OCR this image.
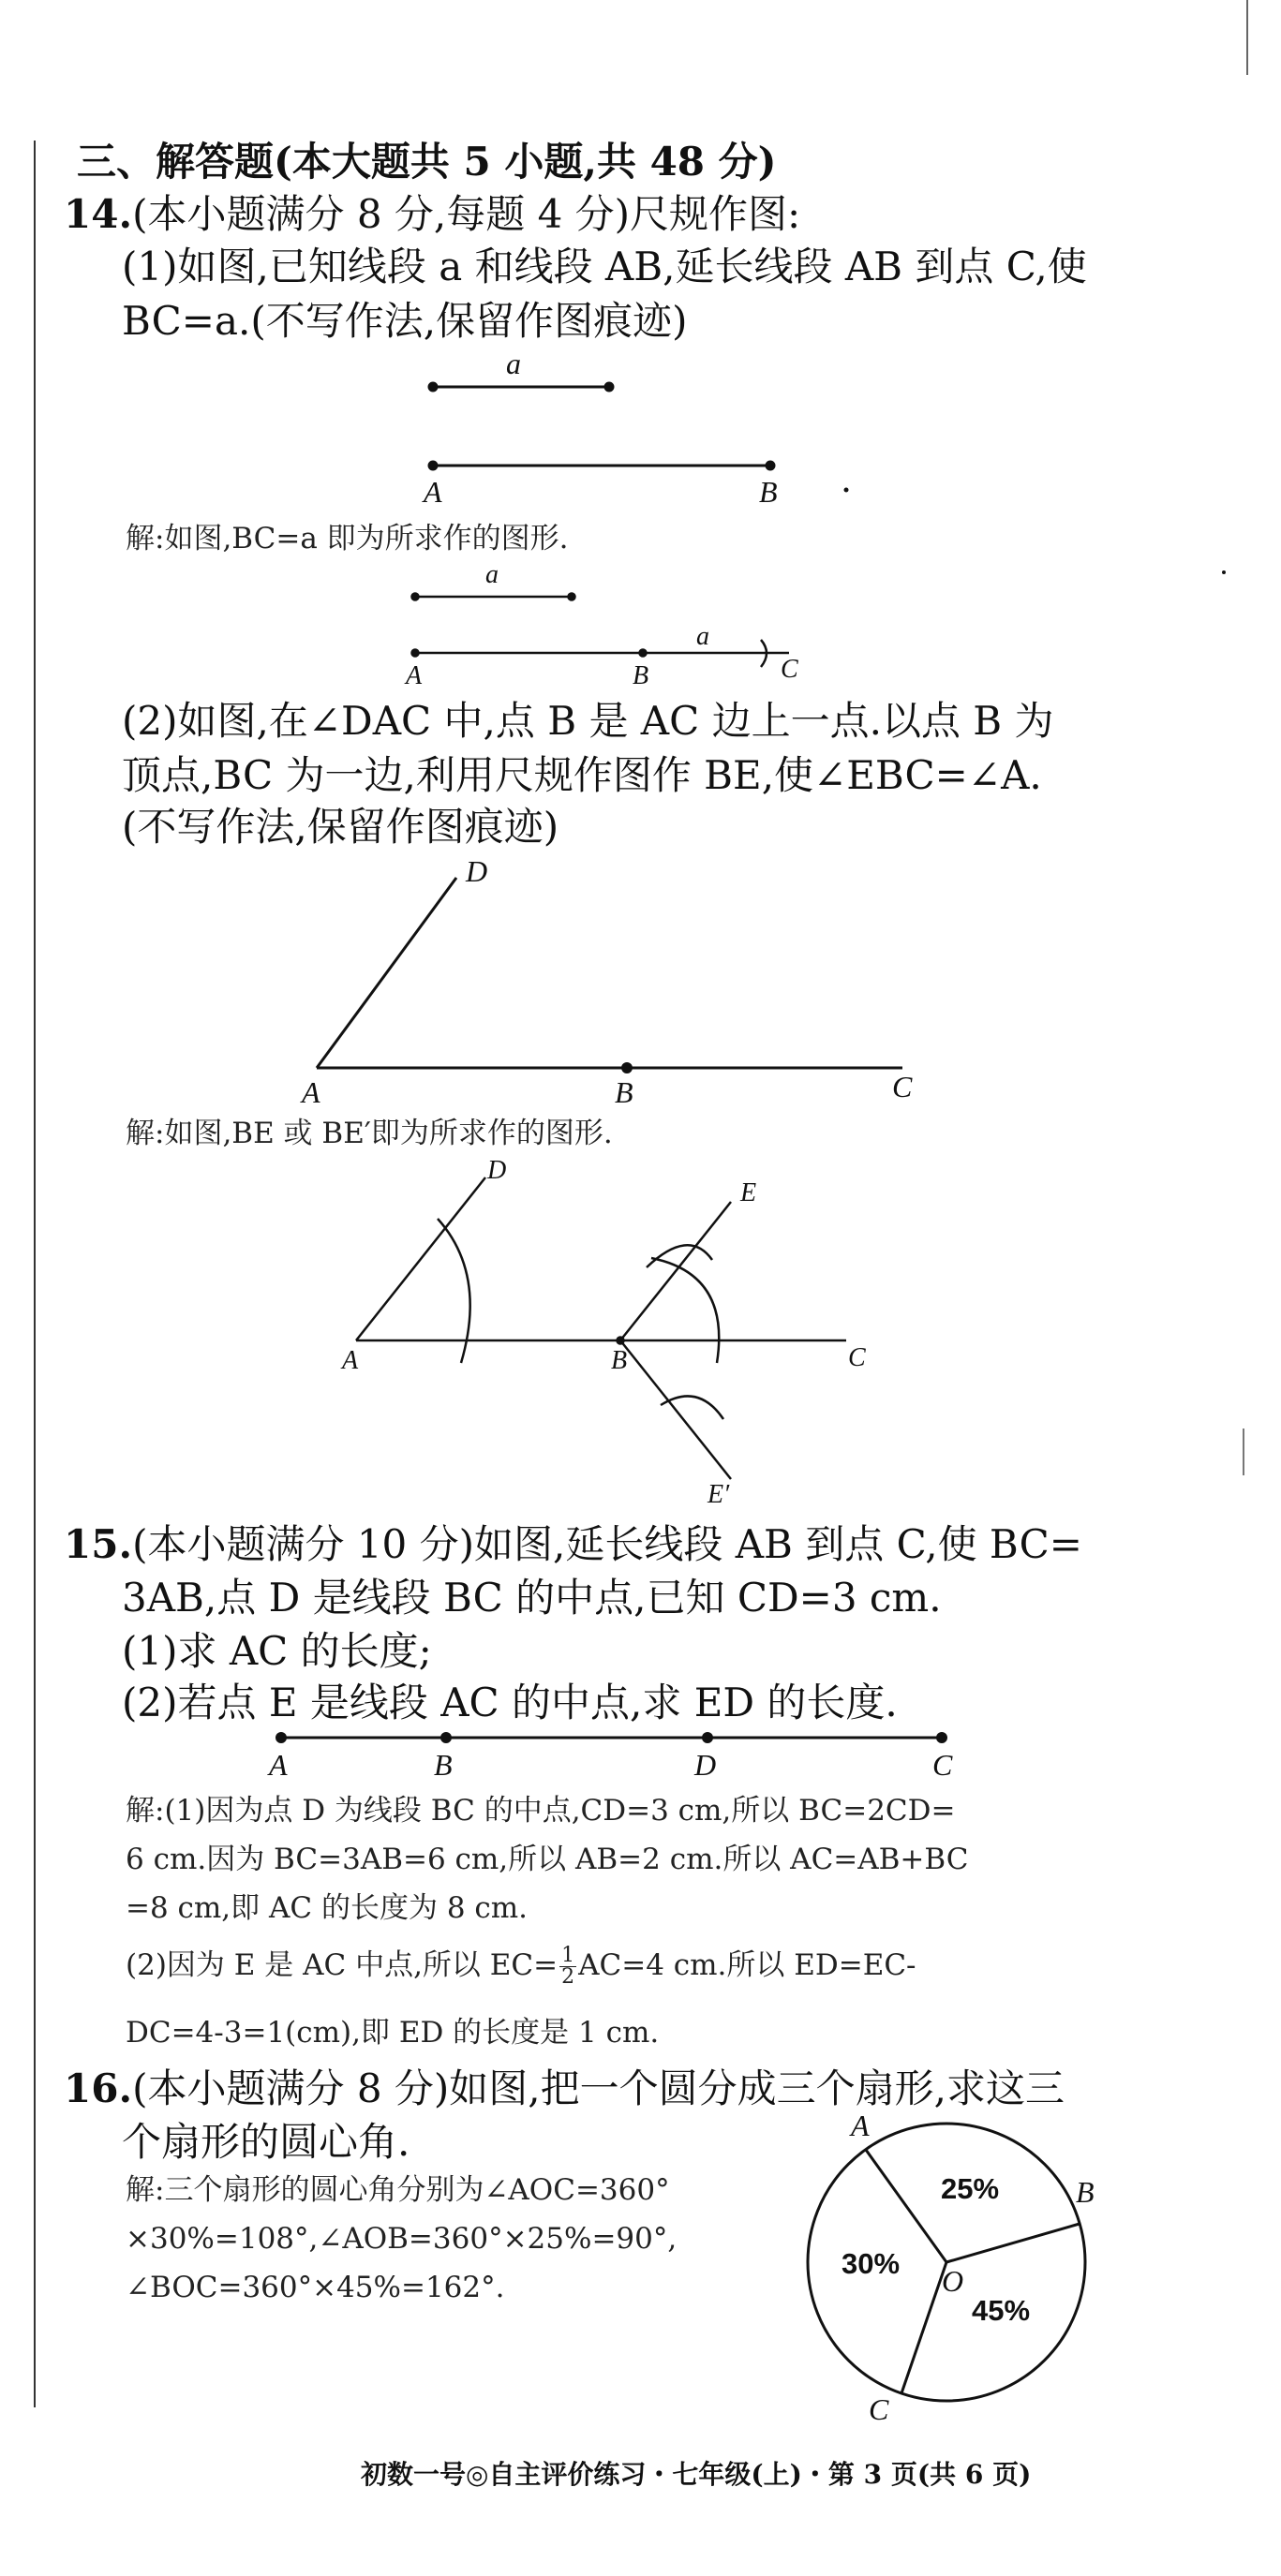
三、解答题(本大题共 5 小题,共 48 分)
14.(本小题满分 8 分,每题 4 分)尺规作图:
(1)如图,已知线段 a 和线段 AB,延长线段 AB 到点 C,使
BC=a.(不写作法,保留作图痕迹)
a
A	B
解:如图,BC=a 即为所求作的图形.
a
a
A	B	C
(2)如图,在∠DAC 中,点 B 是 AC 边上一点.以点 B 为
顶点,BC 为一边,利用尺规作图作 BE,使∠EBC=∠A.
(不写作法,保留作图痕迹)
D
A	B	C
解:如图,BE 或 BE′即为所求作的图形.
D
E
A	B	C
E′
15.(本小题满分 10 分)如图,延长线段 AB 到点 C,使 BC=
3AB,点 D 是线段 BC 的中点,已知 CD=3 cm.
(1)求 AC 的长度;
(2)若点 E 是线段 AC 的中点,求 ED 的长度.
A	B	D	C
解:(1)因为点 D 为线段 BC 的中点,CD=3 cm,所以 BC=2CD=
6 cm.因为 BC=3AB=6 cm,所以 AB=2 cm.所以 AC=AB+BC
=8 cm,即 AC 的长度为 8 cm.
(2)因为 E 是 AC 中点,所以 $EC= \frac{1}{2} AC=4$ cm.所以 ED=EC-
DC=4-3=1(cm),即 ED 的长度是 1 cm.
16.(本小题满分 8 分)如图,把一个圆分成三个扇形,求这三
个扇形的圆心角.
解:三个扇形的圆心角分别为∠AOC=360°
×30%=108°,∠AOB=360°×25%=90°,
∠BOC=360°×45%=162°.
A
B
C
O
25%
30%
45%
初数一号◎自主评价练习・七年级(上)・第 3 页(共 6 页)
